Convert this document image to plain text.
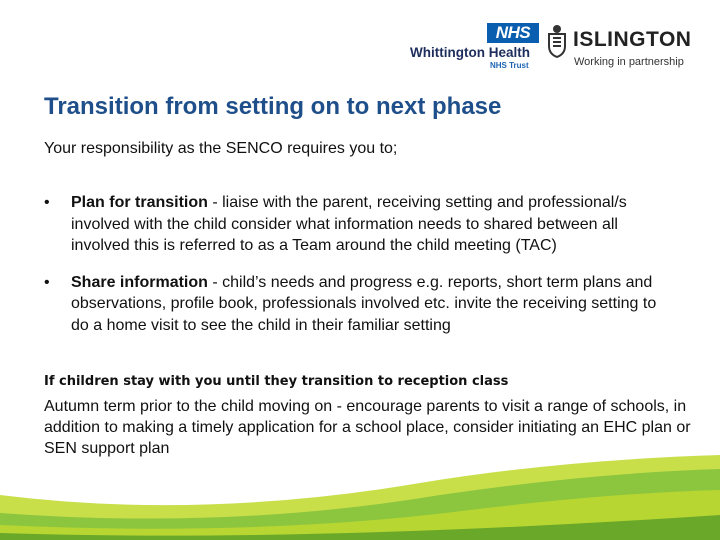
NHS
Whittington Health
NHS Trust
ISLINGTON
Working in partnership
Transition from setting on to next phase
Your responsibility as the SENCO requires you to;
• Plan for transition - liaise with the parent, receiving setting and professional/s involved with the child consider what information needs to shared between all involved this is referred to as a Team around the child meeting (TAC)
• Share information - child’s needs and progress e.g. reports, short term plans and observations, profile book, professionals involved etc. invite the receiving setting to do a home visit to see the child in their familiar setting
If children stay with you until they transition to reception class

Autumn term prior to the child moving on - encourage parents to visit a range of schools, in addition to making a timely application for a school place, consider initiating an EHC plan or SEN support plan
